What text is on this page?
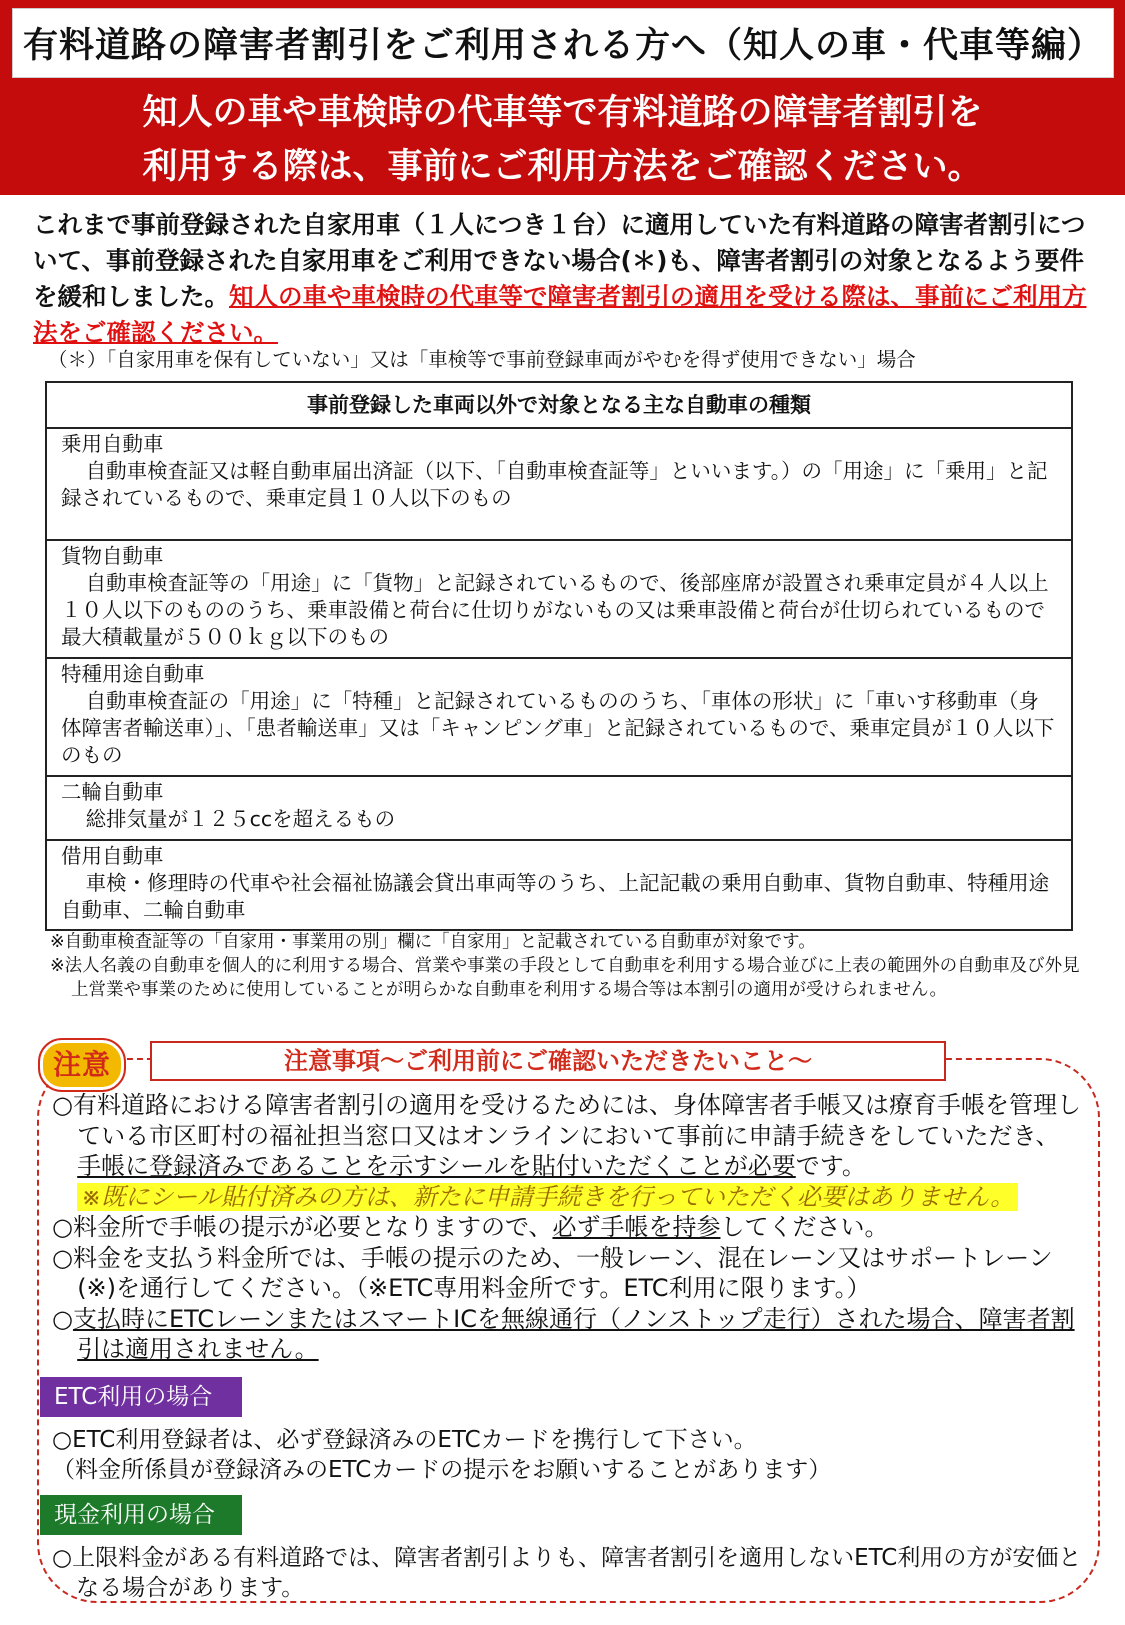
有料道路の障害者割引をご利用される方へ（知人の車・代車等編）
知人の車や車検時の代車等で有料道路の障害者割引を
利用する際は、事前にご利用方法をご確認ください。
これまで事前登録された自家用車（１人につき１台）に適用していた有料道路の障害者割引について、事前登録された自家用車をご利用できない場合(＊)も、障害者割引の対象となるよう要件を緩和しました。知人の車や車検時の代車等で障害者割引の適用を受ける際は、事前にご利用方法をご確認ください。
（＊）「自家用車を保有していない」又は「車検等で事前登録車両がやむを得ず使用できない」場合
事前登録した車両以外で対象となる主な自動車の種類

乗用自動車
自動車検査証又は軽自動車届出済証（以下、「自動車検査証等」といいます。）の「用途」に「乗用」と記録されているもので、乗車定員１０人以下のもの

貨物自動車
自動車検査証等の「用途」に「貨物」と記録されているもので、後部座席が設置され乗車定員が４人以上１０人以下のもののうち、乗車設備と荷台に仕切りがないもの又は乗車設備と荷台が仕切られているもので最大積載量が５００ｋｇ以下のもの

特種用途自動車
自動車検査証の「用途」に「特種」と記録されているもののうち、「車体の形状」に「車いす移動車（身体障害者輸送車）」、「患者輸送車」又は「キャンピング車」と記録されているもので、乗車定員が１０人以下のもの

二輪自動車
総排気量が１２５ccを超えるもの

借用自動車
車検・修理時の代車や社会福祉協議会貸出車両等のうち、上記記載の乗用自動車、貨物自動車、特種用途自動車、二輪自動車

※自動車検査証等の「自家用・事業用の別」欄に「自家用」と記載されている自動車が対象です。

※法人名義の自動車を個人的に利用する場合、営業や事業の手段として自動車を利用する場合並びに上表の範囲外の自動車及び外見上営業や事業のために使用していることが明らかな自動車を利用する場合等は本割引の適用が受けられません。

注意	注意事項～ご利用前にご確認いただきたいこと～

○有料道路における障害者割引の適用を受けるためには、身体障害者手帳又は療育手帳を管理している市区町村の福祉担当窓口又はオンラインにおいて事前に申請手続きをしていただき、手帳に登録済みであることを示すシールを貼付いただくことが必要です。

※既にシール貼付済みの方は、新たに申請手続きを行っていただく必要はありません。

○料金所で手帳の提示が必要となりますので、必ず手帳を持参してください。

○料金を支払う料金所では、手帳の提示のため、一般レーン、混在レーン又はサポートレーン(※)を通行してください。（※ETC専用料金所です。ETC利用に限ります。）

○支払時にETCレーンまたはスマートICを無線通行（ノンストップ走行）された場合、障害者割引は適用されません。

ETC利用の場合

○ETC利用登録者は、必ず登録済みのETCカードを携行して下さい。

（料金所係員が登録済みのETCカードの提示をお願いすることがあります）

現金利用の場合

○上限料金がある有料道路では、障害者割引よりも、障害者割引を適用しないETC利用の方が安価となる場合があります。
